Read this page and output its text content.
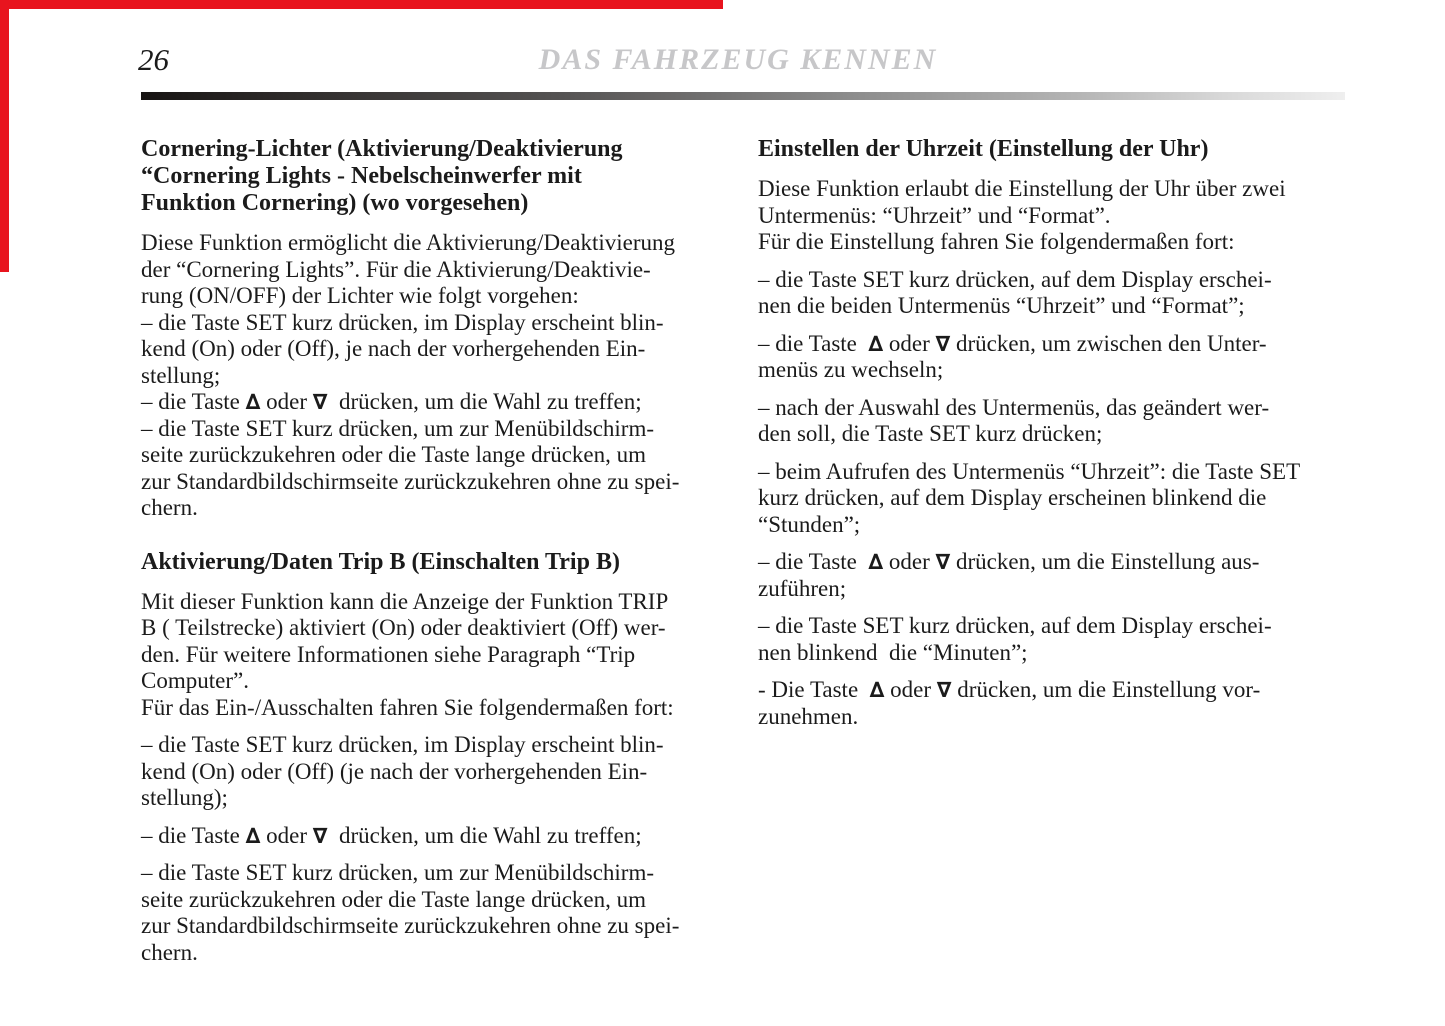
26	DAS FAHRZEUG KENNEN
Cornering-Lichter (Aktivierung/Deaktivierung
“Cornering Lights - Nebelscheinwerfer mit
Funktion Cornering) (wo vorgesehen)

Diese Funktion ermöglicht die Aktivierung/Deaktivierung
der “Cornering Lights”. Für die Aktivierung/Deaktivie-
rung (ON/OFF) der Lichter wie folgt vorgehen:
– die Taste SET kurz drücken, im Display erscheint blin-
kend (On) oder (Off), je nach der vorhergehenden Ein-
stellung;
– die Taste ∆ oder ∇  drücken, um die Wahl zu treffen;
– die Taste SET kurz drücken, um zur Menübildschirm-
seite zurückzukehren oder die Taste lange drücken, um
zur Standardbildschirmseite zurückzukehren ohne zu spei-
chern.

Aktivierung/Daten Trip B (Einschalten Trip B)

Mit dieser Funktion kann die Anzeige der Funktion TRIP
B ( Teilstrecke) aktiviert (On) oder deaktiviert (Off) wer-
den. Für weitere Informationen siehe Paragraph “Trip
Computer”.
Für das Ein-/Ausschalten fahren Sie folgendermaßen fort:

– die Taste SET kurz drücken, im Display erscheint blin-
kend (On) oder (Off) (je nach der vorhergehenden Ein-
stellung);

– die Taste ∆ oder ∇  drücken, um die Wahl zu treffen;

– die Taste SET kurz drücken, um zur Menübildschirm-
seite zurückzukehren oder die Taste lange drücken, um
zur Standardbildschirmseite zurückzukehren ohne zu spei-
chern.

Einstellen der Uhrzeit (Einstellung der Uhr)

Diese Funktion erlaubt die Einstellung der Uhr über zwei
Untermenüs: “Uhrzeit” und “Format”.
Für die Einstellung fahren Sie folgendermaßen fort:

– die Taste SET kurz drücken, auf dem Display erschei-
nen die beiden Untermenüs “Uhrzeit” und “Format”;

– die Taste  ∆ oder ∇ drücken, um zwischen den Unter-
menüs zu wechseln;

– nach der Auswahl des Untermenüs, das geändert wer-
den soll, die Taste SET kurz drücken;

– beim Aufrufen des Untermenüs “Uhrzeit”: die Taste SET
kurz drücken, auf dem Display erscheinen blinkend die
“Stunden”;

– die Taste  ∆ oder ∇ drücken, um die Einstellung aus-
zuführen;

– die Taste SET kurz drücken, auf dem Display erschei-
nen blinkend  die “Minuten”;

- Die Taste  ∆ oder ∇ drücken, um die Einstellung vor-
zunehmen.
